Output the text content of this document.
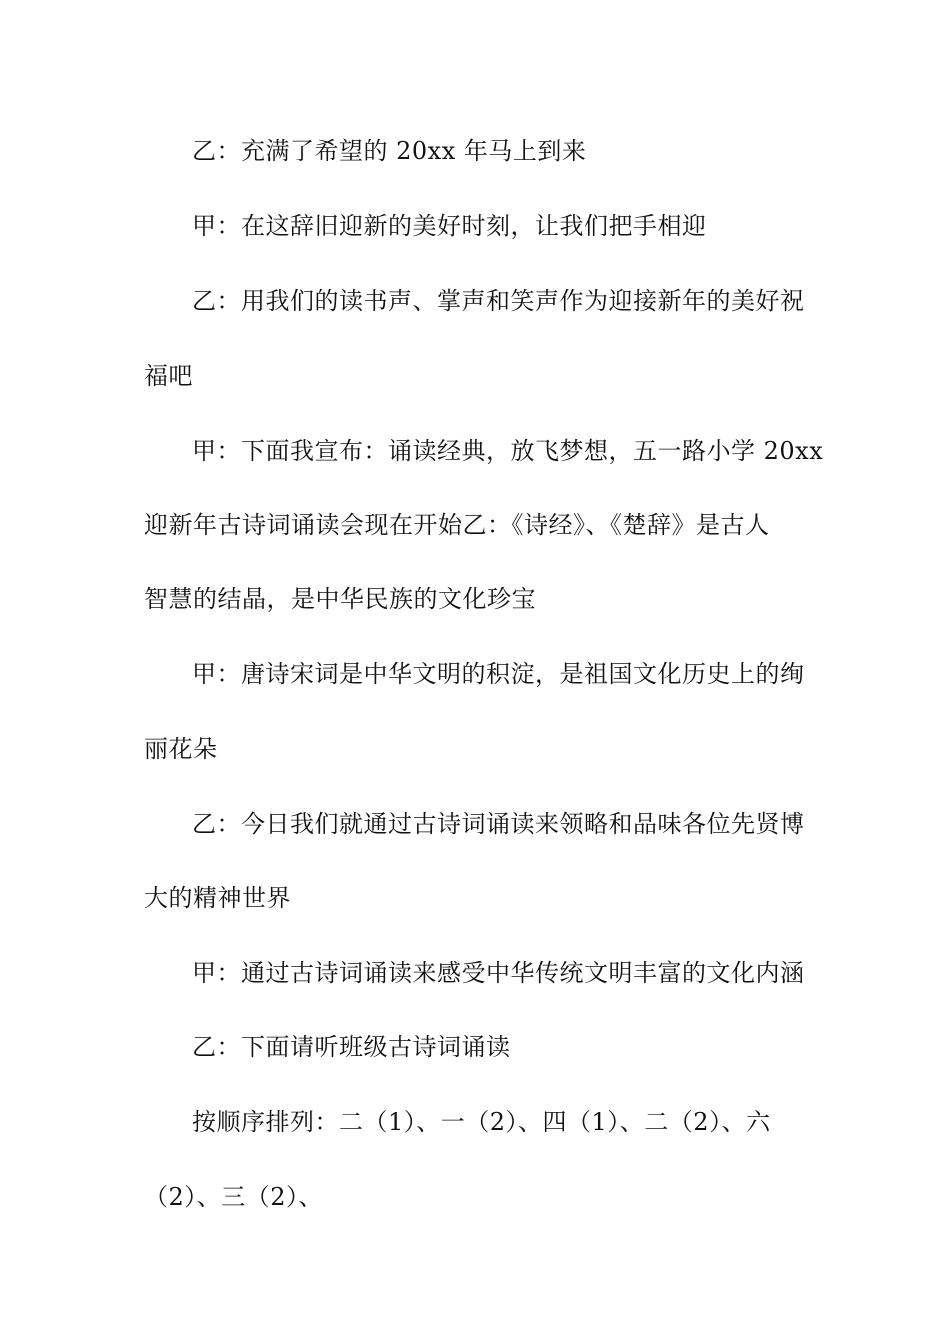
乙：充满了希望的 20xx 年马上到来
甲：在这辞旧迎新的美好时刻，让我们把手相迎
乙：用我们的读书声、掌声和笑声作为迎接新年的美好祝
福吧
甲：下面我宣布：诵读经典，放飞梦想，五一路小学 20xx
迎新年古诗词诵读会现在开始乙：《诗经》、《楚辞》是古人
智慧的结晶，是中华民族的文化珍宝
甲：唐诗宋词是中华文明的积淀，是祖国文化历史上的绚
丽花朵
乙：今日我们就通过古诗词诵读来领略和品味各位先贤博
大的精神世界
甲：通过古诗词诵读来感受中华传统文明丰富的文化内涵
乙：下面请听班级古诗词诵读
按顺序排列：二（1）、一（2）、四（1）、二（2）、六
（2）、三（2）、
